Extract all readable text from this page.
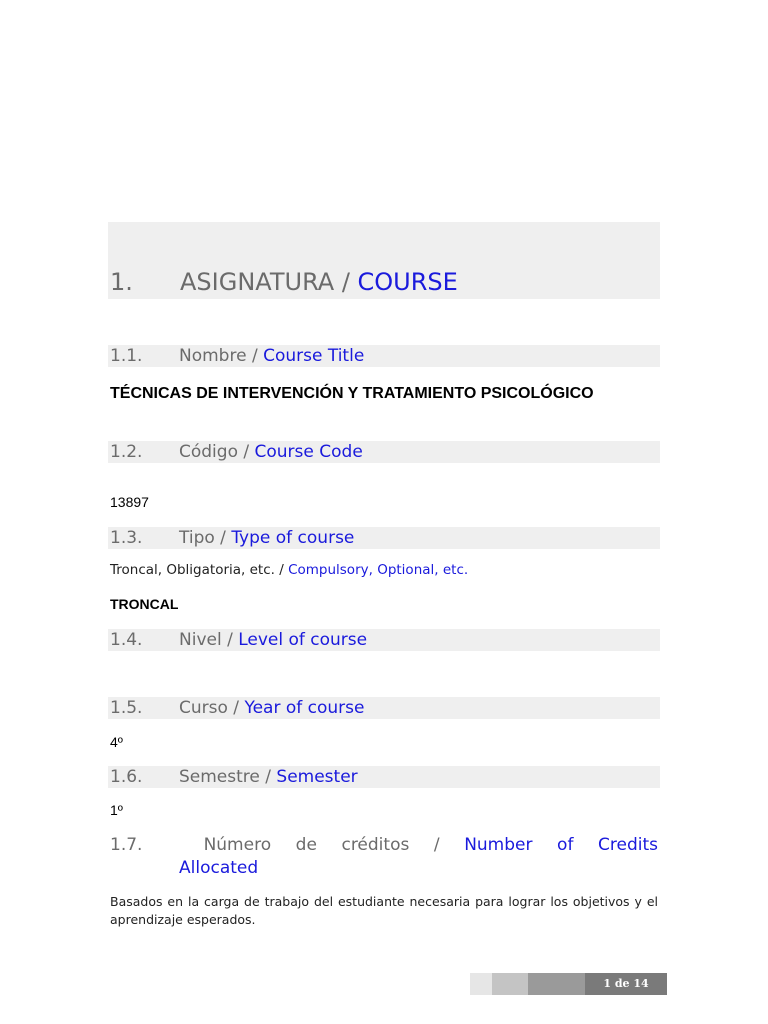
1. ASIGNATURA / COURSE
1.1. Nombre / Course Title
TÉCNICAS DE INTERVENCIÓN Y TRATAMIENTO PSICOLÓGICO
1.2. Código / Course Code
13897
1.3. Tipo / Type of course
Troncal, Obligatoria, etc. / Compulsory, Optional, etc.
TRONCAL
1.4. Nivel / Level of course
1.5. Curso / Year of course
4º
1.6. Semestre / Semester
1º
1.7.	Número de créditos / Number of Credits
Allocated
Basados en la carga de trabajo del estudiante necesaria para lograr los objetivos y el aprendizaje esperados.
1 de 14
